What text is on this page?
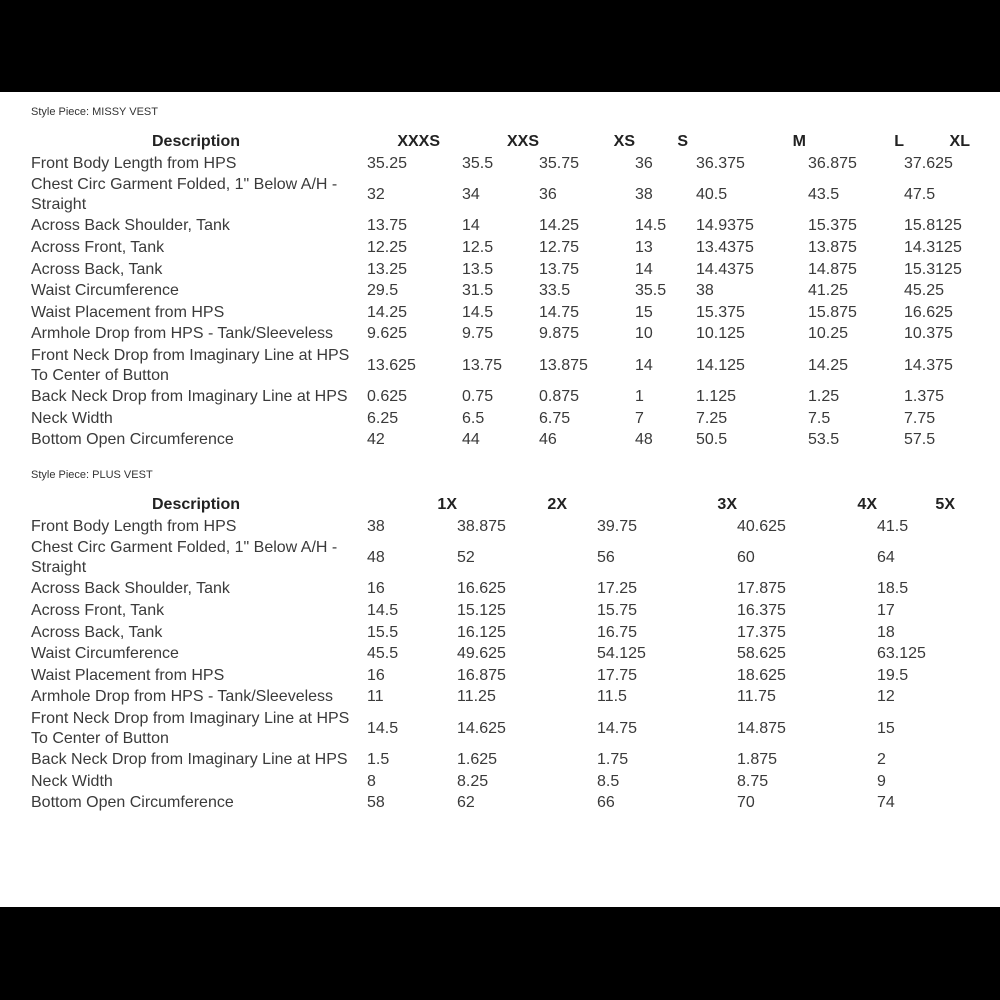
Style Piece: MISSY VEST
Description	XXXS	XXS	XS	S	M	L	XL
Front Body Length from HPS	35.25	35.5	35.75	36	36.375	36.875	37.625
Chest Circ Garment Folded, 1" Below A/H - Straight	32	34	36	38	40.5	43.5	47.5
Across Back Shoulder, Tank	13.75	14	14.25	14.5	14.9375	15.375	15.8125
Across Front, Tank	12.25	12.5	12.75	13	13.4375	13.875	14.3125
Across Back, Tank	13.25	13.5	13.75	14	14.4375	14.875	15.3125
Waist Circumference	29.5	31.5	33.5	35.5	38	41.25	45.25
Waist Placement from HPS	14.25	14.5	14.75	15	15.375	15.875	16.625
Armhole Drop from HPS - Tank/Sleeveless	9.625	9.75	9.875	10	10.125	10.25	10.375
Front Neck Drop from Imaginary Line at HPS To Center of Button	13.625	13.75	13.875	14	14.125	14.25	14.375
Back Neck Drop from Imaginary Line at HPS	0.625	0.75	0.875	1	1.125	1.25	1.375
Neck Width	6.25	6.5	6.75	7	7.25	7.5	7.75
Bottom Open Circumference	42	44	46	48	50.5	53.5	57.5
Style Piece: PLUS VEST
Description	1X	2X	3X	4X	5X
Front Body Length from HPS	38	38.875	39.75	40.625	41.5
Chest Circ Garment Folded, 1" Below A/H - Straight	48	52	56	60	64
Across Back Shoulder, Tank	16	16.625	17.25	17.875	18.5
Across Front, Tank	14.5	15.125	15.75	16.375	17
Across Back, Tank	15.5	16.125	16.75	17.375	18
Waist Circumference	45.5	49.625	54.125	58.625	63.125
Waist Placement from HPS	16	16.875	17.75	18.625	19.5
Armhole Drop from HPS - Tank/Sleeveless	11	11.25	11.5	11.75	12
Front Neck Drop from Imaginary Line at HPS To Center of Button	14.5	14.625	14.75	14.875	15
Back Neck Drop from Imaginary Line at HPS	1.5	1.625	1.75	1.875	2
Neck Width	8	8.25	8.5	8.75	9
Bottom Open Circumference	58	62	66	70	74
